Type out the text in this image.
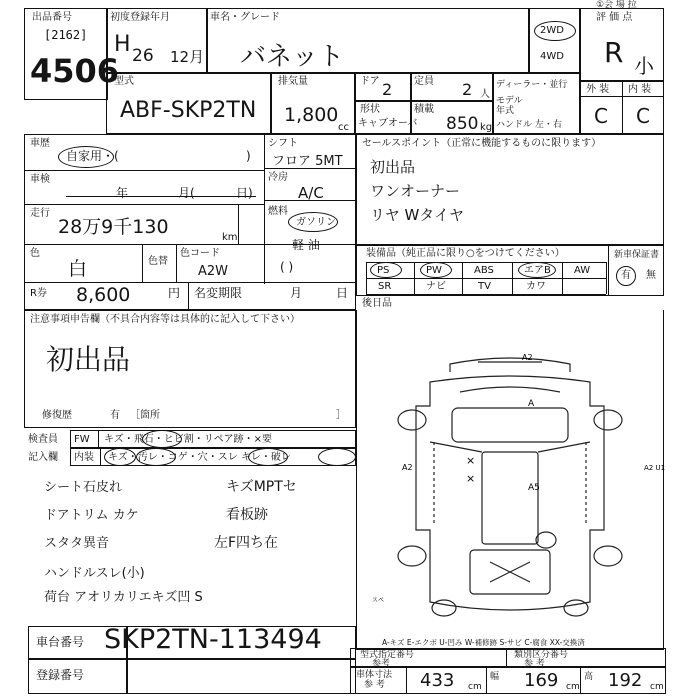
出品番号
[2162]
4506
初度登録年月
H 26 12月
車名・グレード
バネット
2WD
4WD
①会 場 拉
評 価 点
R 小
型式
ABF-SKP2TN
排気量
1,800
cc
ドア 2 定員 2 人
形状
キャブオーバ
積載
850 kg
ディーラー・並行
モデル年式
ハンドル 左・右
外 装 内 装
C C
車歴
自家用・(	)
車検
年	月(	日)
走行
28万9千130	km
色
白	色替
色コード
A2W
シフト
フロア 5MT
冷房
A/C
燃料
ガソリン
軽 油
( )
R券 8,600	円 名変期限	月	日
セールスポイント（正常に機能するものに限ります）
初出品
ワンオーナー
リヤ Wタイヤ
装備品（純正品に限り○をつけてください）	新車保証書
有 無
PS	PW	ABS	エアB AW
SR	ナビ	TV	カワ
後日品
注意事項申告欄（不具合内容等は具体的に記入して下さい）
初出品
修復歴	有 ［箇所	］
検査員 FW キズ・飛石・ヒビ割・リペア跡・×要
記入欄 内装 キズ・汚レ・コゲ・穴・スレ キレ・破レ
シート石皮れ	キズMPTセ
ドアトリム カケ	看板跡
スタタ異音	左F四ち在
ハンドルスレ(小)
荷台 アオリカリエキズ凹 S
A2
A
A2	A2 U1
A5
×
×
スペ
A-キズ E-エクボ U-凹み W-補修跡 S-サビ C-腐食 XX-交換済
車台番号 SKP2TN-113494
登録番号
型式指定番号
参考
類別区分番号
参 考
車体寸法
参 考 433 cm
幅 169 cm
高 192 cm
